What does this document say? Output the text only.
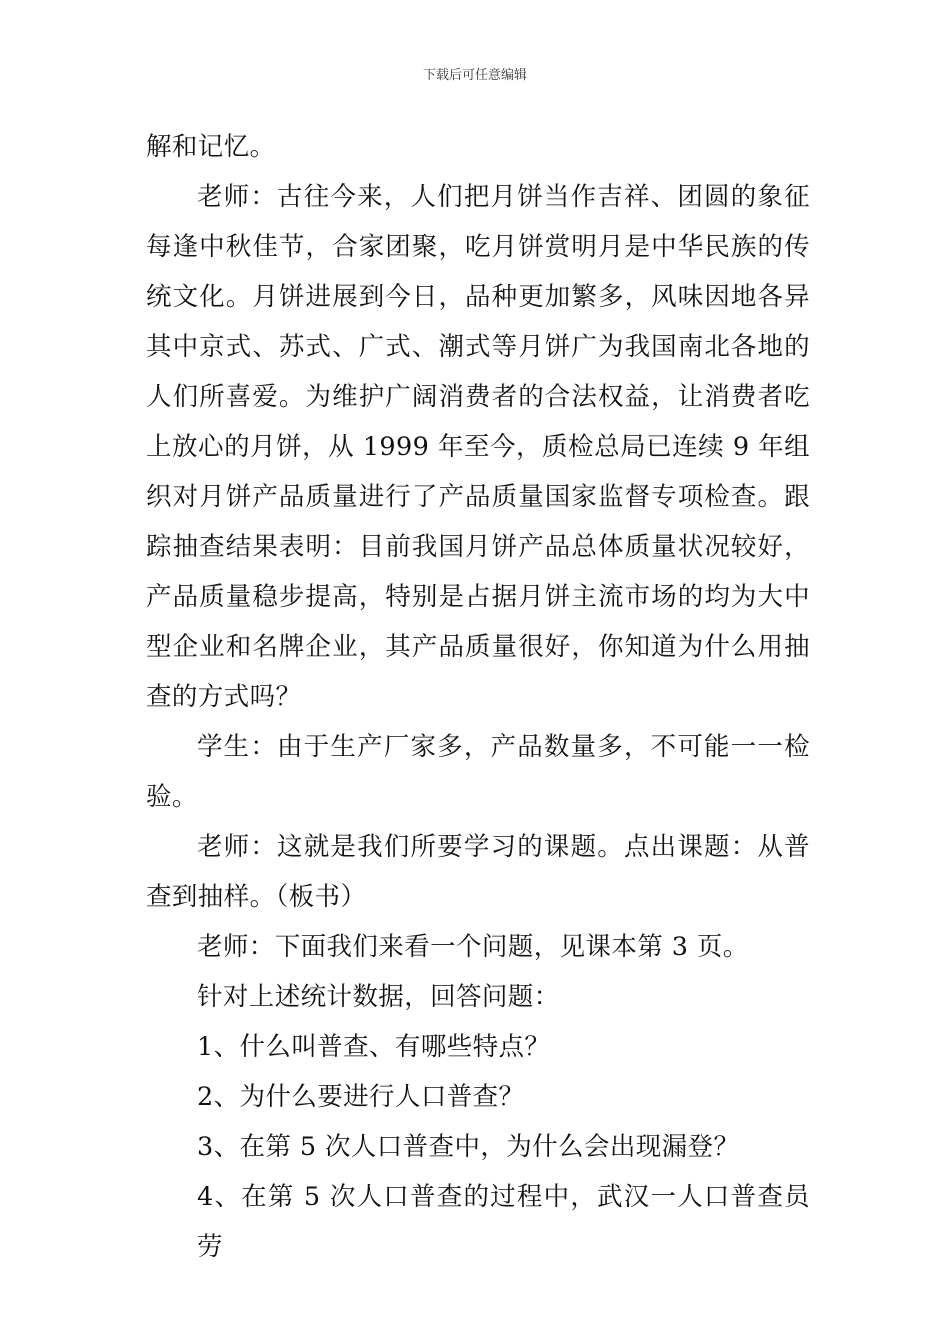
下载后可任意编辑

解和记忆。

老师：古往今来，人们把月饼当作吉祥、团圆的象征每逢中秋佳节，合家团聚，吃月饼赏明月是中华民族的传统文化。月饼进展到今日，品种更加繁多，风味因地各异其中京式、苏式、广式、潮式等月饼广为我国南北各地的人们所喜爱。为维护广阔消费者的合法权益，让消费者吃上放心的月饼，从 1999 年至今，质检总局已连续 9 年组织对月饼产品质量进行了产品质量国家监督专项检查。跟踪抽查结果表明：目前我国月饼产品总体质量状况较好，产品质量稳步提高，特别是占据月饼主流市场的均为大中型企业和名牌企业，其产品质量很好，你知道为什么用抽查的方式吗？

学生：由于生产厂家多，产品数量多，不可能一一检验。

老师：这就是我们所要学习的课题。点出课题：从普查到抽样。（板书）

老师：下面我们来看一个问题，见课本第 3 页。

针对上述统计数据，回答问题：

1、什么叫普查、有哪些特点？

2、为什么要进行人口普查？

3、在第 5 次人口普查中，为什么会出现漏登？

4、在第 5 次人口普查的过程中，武汉一人口普查员劳
